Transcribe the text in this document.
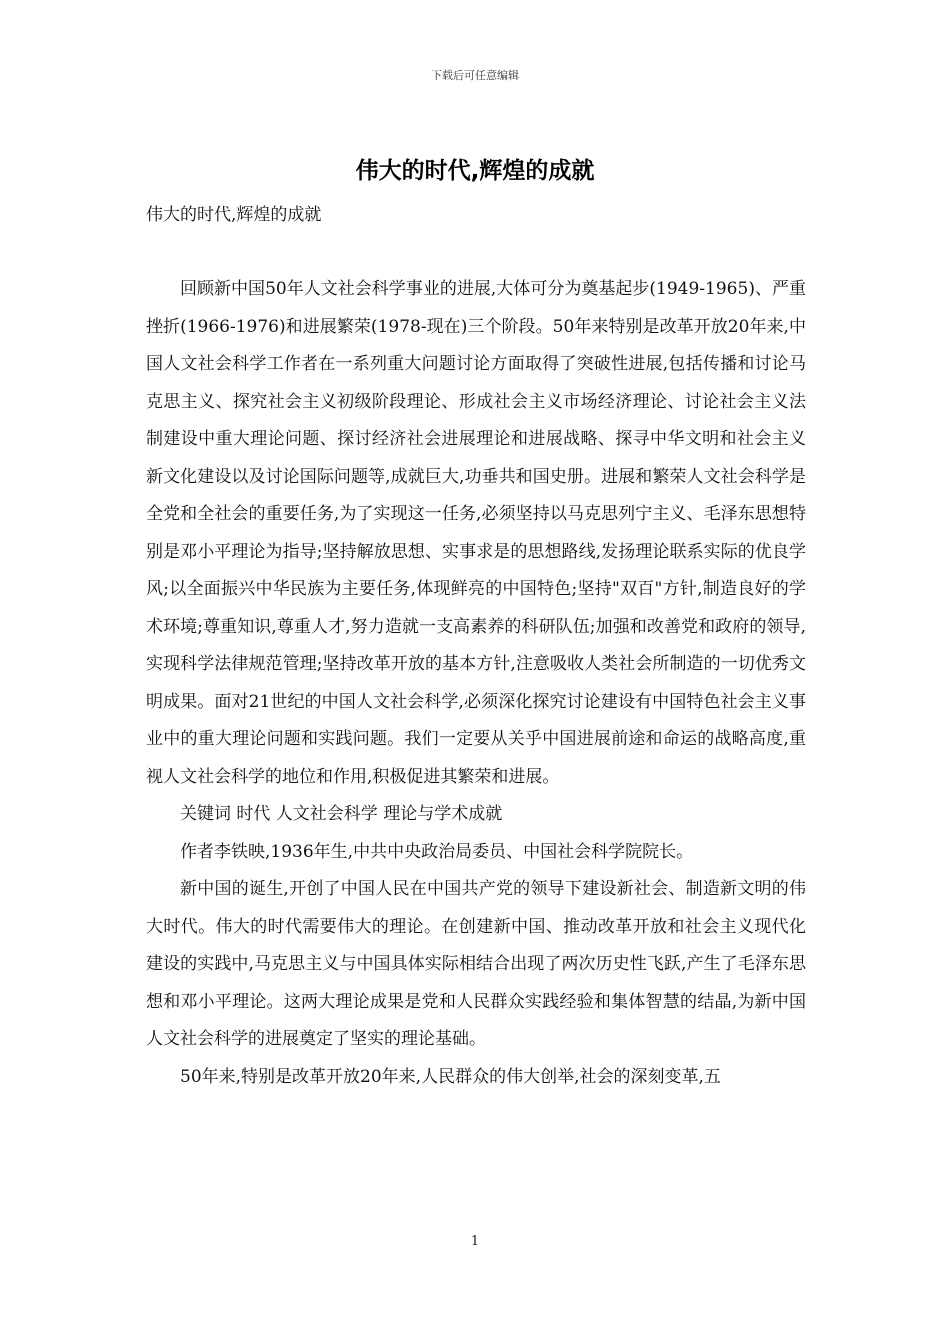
下载后可任意编辑
伟大的时代,辉煌的成就
伟大的时代,辉煌的成就

回顾新中国50年人文社会科学事业的进展,大体可分为奠基起步(1949-1965)、严重挫折(1966-1976)和进展繁荣(1978-现在)三个阶段。50年来特别是改革开放20年来,中国人文社会科学工作者在一系列重大问题讨论方面取得了突破性进展,包括传播和讨论马克思主义、探究社会主义初级阶段理论、形成社会主义市场经济理论、讨论社会主义法制建设中重大理论问题、探讨经济社会进展理论和进展战略、探寻中华文明和社会主义新文化建设以及讨论国际问题等,成就巨大,功垂共和国史册。进展和繁荣人文社会科学是全党和全社会的重要任务,为了实现这一任务,必须坚持以马克思列宁主义、毛泽东思想特别是邓小平理论为指导;坚持解放思想、实事求是的思想路线,发扬理论联系实际的优良学风;以全面振兴中华民族为主要任务,体现鲜亮的中国特色;坚持"双百"方针,制造良好的学术环境;尊重知识,尊重人才,努力造就一支高素养的科研队伍;加强和改善党和政府的领导,实现科学法律规范管理;坚持改革开放的基本方针,注意吸收人类社会所制造的一切优秀文明成果。面对21世纪的中国人文社会科学,必须深化探究讨论建设有中国特色社会主义事业中的重大理论问题和实践问题。我们一定要从关乎中国进展前途和命运的战略高度,重视人文社会科学的地位和作用,积极促进其繁荣和进展。

关键词 时代 人文社会科学 理论与学术成就

作者李铁映,1936年生,中共中央政治局委员、中国社会科学院院长。

新中国的诞生,开创了中国人民在中国共产党的领导下建设新社会、制造新文明的伟大时代。伟大的时代需要伟大的理论。在创建新中国、推动改革开放和社会主义现代化建设的实践中,马克思主义与中国具体实际相结合出现了两次历史性飞跃,产生了毛泽东思想和邓小平理论。这两大理论成果是党和人民群众实践经验和集体智慧的结晶,为新中国人文社会科学的进展奠定了坚实的理论基础。

50年来,特别是改革开放20年来,人民群众的伟大创举,社会的深刻变革,五

1
